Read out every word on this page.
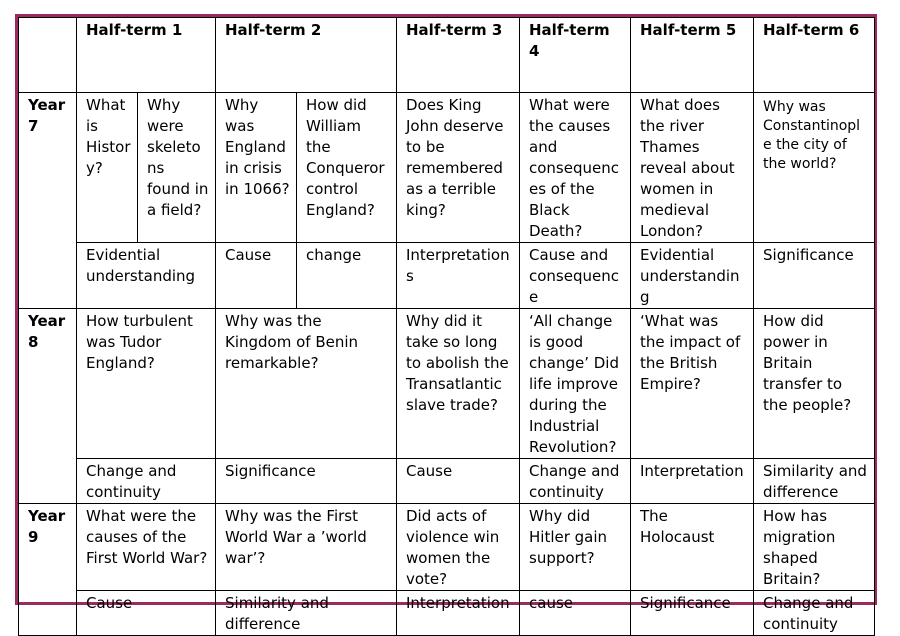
	Half-term 1		Half-term 2		Half-term 3	Half-term 4	Half-term 5	Half-term 6
Year 7	What is History?	Why were skeletons found in a field?	Why was England in crisis in 1066?	How did William the Conqueror control England?	Does King John deserve to be remembered as a terrible king?	What were the causes and consequences of the Black Death?	What does the river Thames reveal about women in medieval London?	Why was Constantinople the city of the world?
	Evidential understanding		Cause	change	Interpretations	Cause and consequence	Evidential understanding	Significance
Year 8	How turbulent was Tudor England?		Why was the Kingdom of Benin remarkable?		Why did it take so long to abolish the Transatlantic slave trade?	‘All change is good change’ Did life improve during the Industrial Revolution?	‘What was the impact of the British Empire?	How did power in Britain transfer to the people?
	Change and continuity		Significance		Cause	Change and continuity	Interpretation	Similarity and difference
Year 9	What were the causes of the First World War?		Why was the First World War a ’world war’?		Did acts of violence win women the vote?	Why did Hitler gain support?	The Holocaust	How has migration shaped Britain?
	Cause		Similarity and difference		Interpretation	cause	Significance	Change and continuity
